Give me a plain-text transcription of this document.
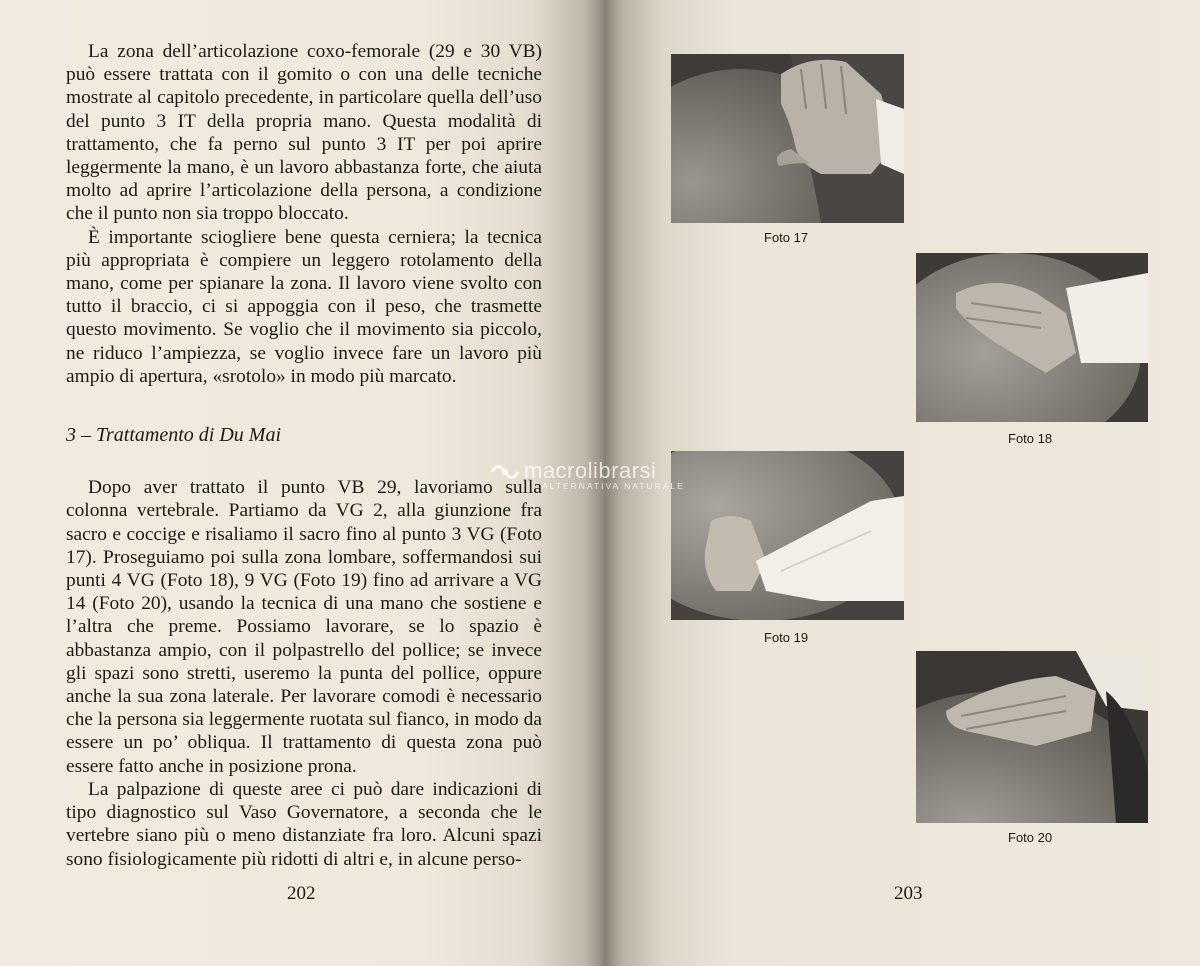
La zona dell’articolazione coxo-femorale (29 e 30 VB) può essere trattata con il gomito o con una delle tecniche mostrate al capitolo precedente, in particolare quella dell’uso del punto 3 IT della propria mano. Questa modalità di trattamento, che fa perno sul punto 3 IT per poi aprire leggermente la mano, è un lavoro abbastanza forte, che aiuta molto ad aprire l’articolazione della persona, a condizione che il punto non sia troppo bloccato.

È importante sciogliere bene questa cerniera; la tecnica più appropriata è compiere un leggero rotolamento della mano, come per spianare la zona. Il lavoro viene svolto con tutto il braccio, ci si appoggia con il peso, che trasmette questo movimento. Se voglio che il movimento sia piccolo, ne riduco l’ampiezza, se voglio invece fare un lavoro più ampio di apertura, «srotolo» in modo più marcato.

3 – Trattamento di Du Mai

Dopo aver trattato il punto VB 29, lavoriamo sulla colonna vertebrale. Partiamo da VG 2, alla giunzione fra sacro e coccige e risaliamo il sacro fino al punto 3 VG (Foto 17). Proseguiamo poi sulla zona lombare, soffermandosi sui punti 4 VG (Foto 18), 9 VG (Foto 19) fino ad arrivare a VG 14 (Foto 20), usando la tecnica di una mano che sostiene e l’altra che preme. Possiamo lavorare, se lo spazio è abbastanza ampio, con il polpastrello del pollice; se invece gli spazi sono stretti, useremo la punta del pollice, oppure anche la sua zona laterale. Per lavorare comodi è necessario che la persona sia leggermente ruotata sul fianco, in modo da essere un po’ obliqua. Il trattamento di questa zona può essere fatto anche in posizione prona.

La palpazione di queste aree ci può dare indicazioni di tipo diagnostico sul Vaso Governatore, a seconda che le vertebre siano più o meno distanziate fra loro. Alcuni spazi sono fisiologicamente più ridotti di altri e, in alcune perso-

202
Foto 17
Foto 18
Foto 19
Foto 20
203
macrolibrarsi
ALTERNATIVA NATURALE
